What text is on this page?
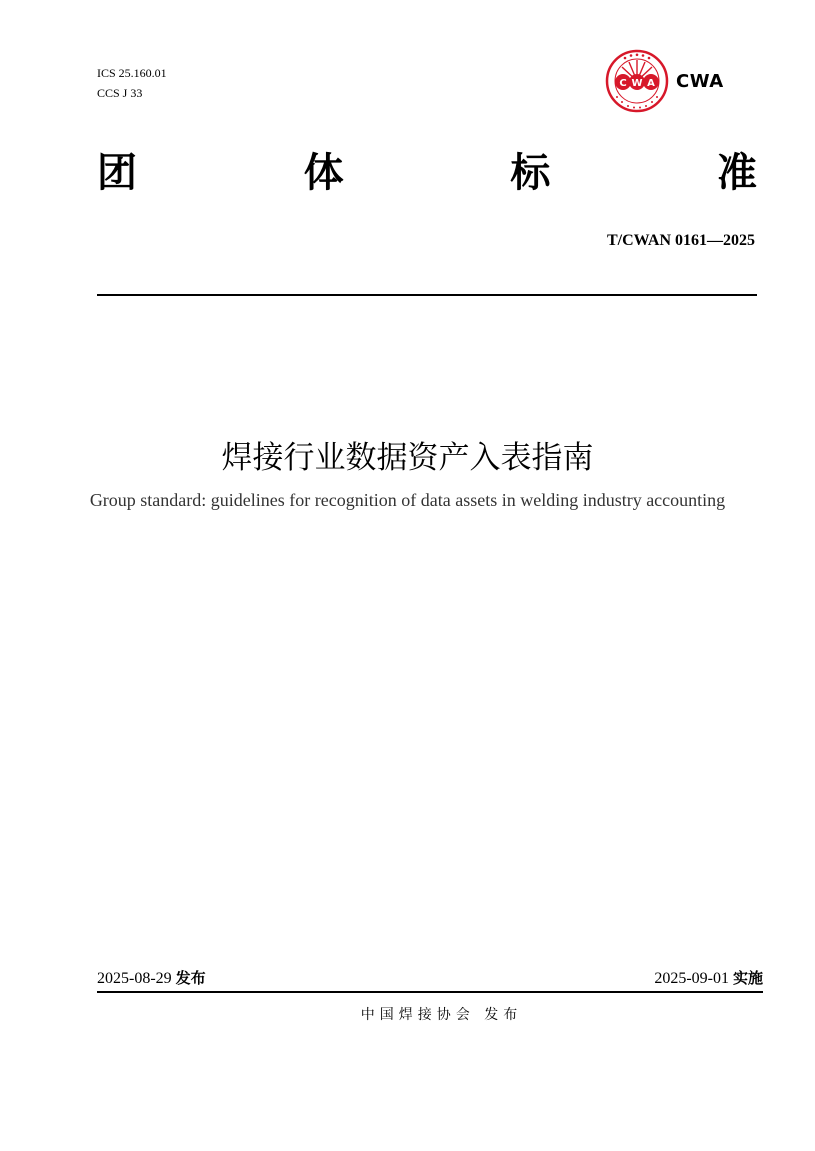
ICS 25.160.01
CCS J 33
C W A CWA
团	体	标	准
T/CWAN 0161—2025
焊接行业数据资产入表指南
Group standard: guidelines for recognition of data assets in welding industry accounting
2025-08-29 发布	2025-09-01 实施
中国焊接协会 发布
